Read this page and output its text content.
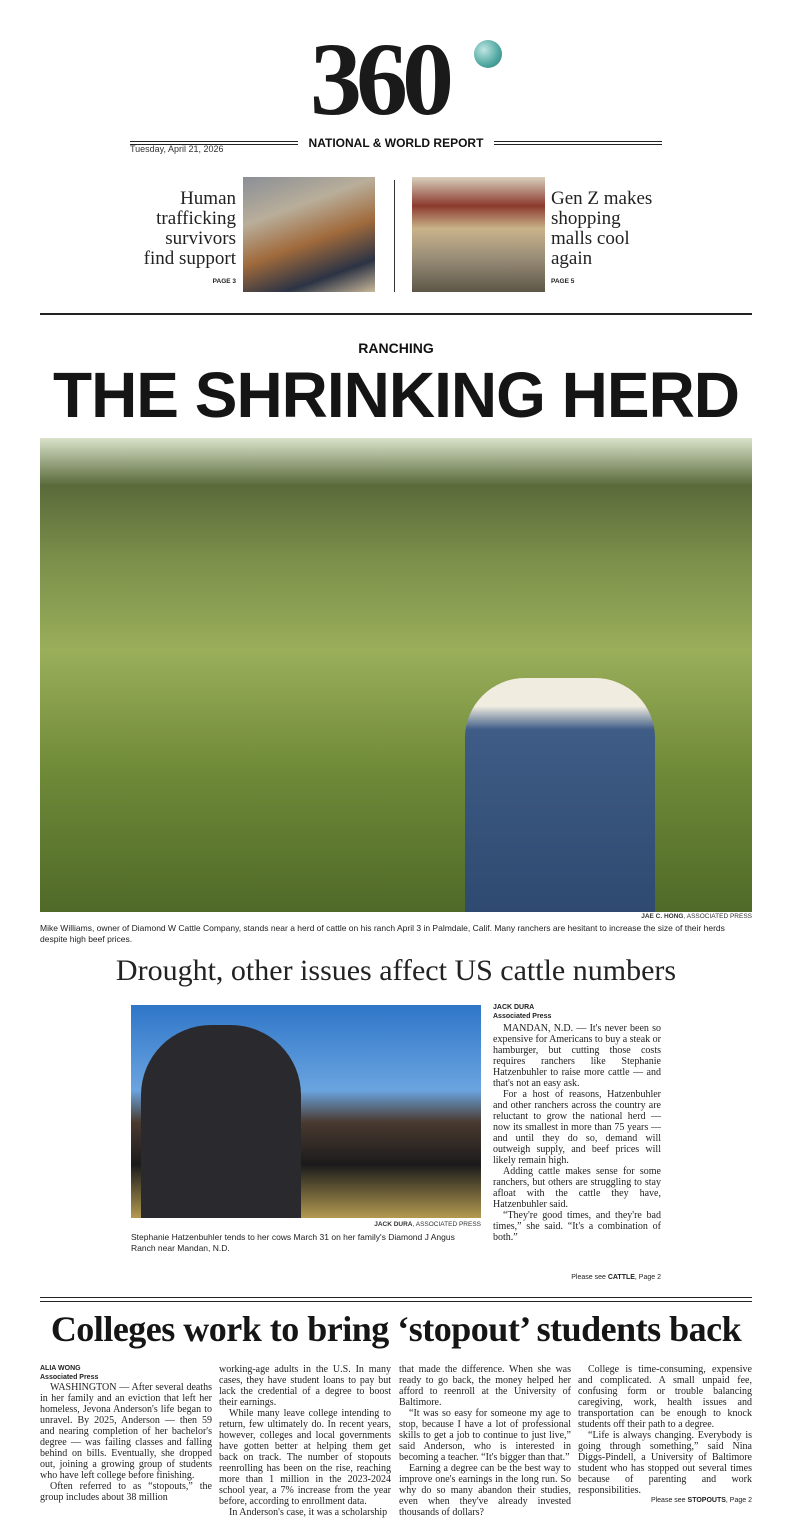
360
NATIONAL & WORLD REPORT
Tuesday, April 21, 2026
Human trafficking survivors find support
PAGE 3
Gen Z makes shopping malls cool again
PAGE 5
RANCHING
THE SHRINKING HERD
JAE C. HONG, ASSOCIATED PRESS
Mike Williams, owner of Diamond W Cattle Company, stands near a herd of cattle on his ranch April 3 in Palmdale, Calif. Many ranchers are hesitant to increase the size of their herds despite high beef prices.
Drought, other issues affect US cattle numbers
JACK DURA, ASSOCIATED PRESS
Stephanie Hatzenbuhler tends to her cows March 31 on her family's Diamond J Angus Ranch near Mandan, N.D.
JACK DURA
Associated Press

MANDAN, N.D. — It's never been so expensive for Americans to buy a steak or hamburger, but cutting those costs requires ranchers like Stephanie Hatzenbuhler to raise more cattle — and that's not an easy ask.

For a host of reasons, Hatzenbuhler and other ranchers across the country are reluctant to grow the national herd — now its smallest in more than 75 years — and until they do so, demand will outweigh supply, and beef prices will likely remain high.

Adding cattle makes sense for some ranchers, but others are struggling to stay afloat with the cattle they have, Hatzenbuhler said.

“They're good times, and they're bad times,” she said. “It's a combination of both.”

Please see CATTLE, Page 2
Colleges work to bring ‘stopout’ students back
ALIA WONG
Associated Press

WASHINGTON — After several deaths in her family and an eviction that left her homeless, Jevona Anderson's life began to unravel. By 2025, Anderson — then 59 and nearing completion of her bachelor's degree — was failing classes and falling behind on bills. Eventually, she dropped out, joining a growing group of students who have left college before finishing.

Often referred to as “stopouts,” the group includes about 38 million

working-age adults in the U.S. In many cases, they have student loans to pay but lack the credential of a degree to boost their earnings.

While many leave college intending to return, few ultimately do. In recent years, however, colleges and local governments have gotten better at helping them get back on track. The number of stopouts reenrolling has been on the rise, reaching more than 1 million in the 2023-2024 school year, a 7% increase from the year before, according to enrollment data.

In Anderson's case, it was a scholarship

that made the difference. When she was ready to go back, the money helped her afford to reenroll at the University of Baltimore.

“It was so easy for someone my age to stop, because I have a lot of professional skills to get a job to continue to just live,” said Anderson, who is interested in becoming a teacher. “It's bigger than that.”

Earning a degree can be the best way to improve one's earnings in the long run. So why do so many abandon their studies, even when they've already invested thousands of dollars?

College is time-consuming, expensive and complicated. A small unpaid fee, confusing form or trouble balancing caregiving, work, health issues and transportation can be enough to knock students off their path to a degree.

“Life is always changing. Everybody is going through something,” said Nina Diggs-Pindell, a University of Baltimore student who has stopped out several times because of parenting and work responsibilities.

Please see STOPOUTS, Page 2
